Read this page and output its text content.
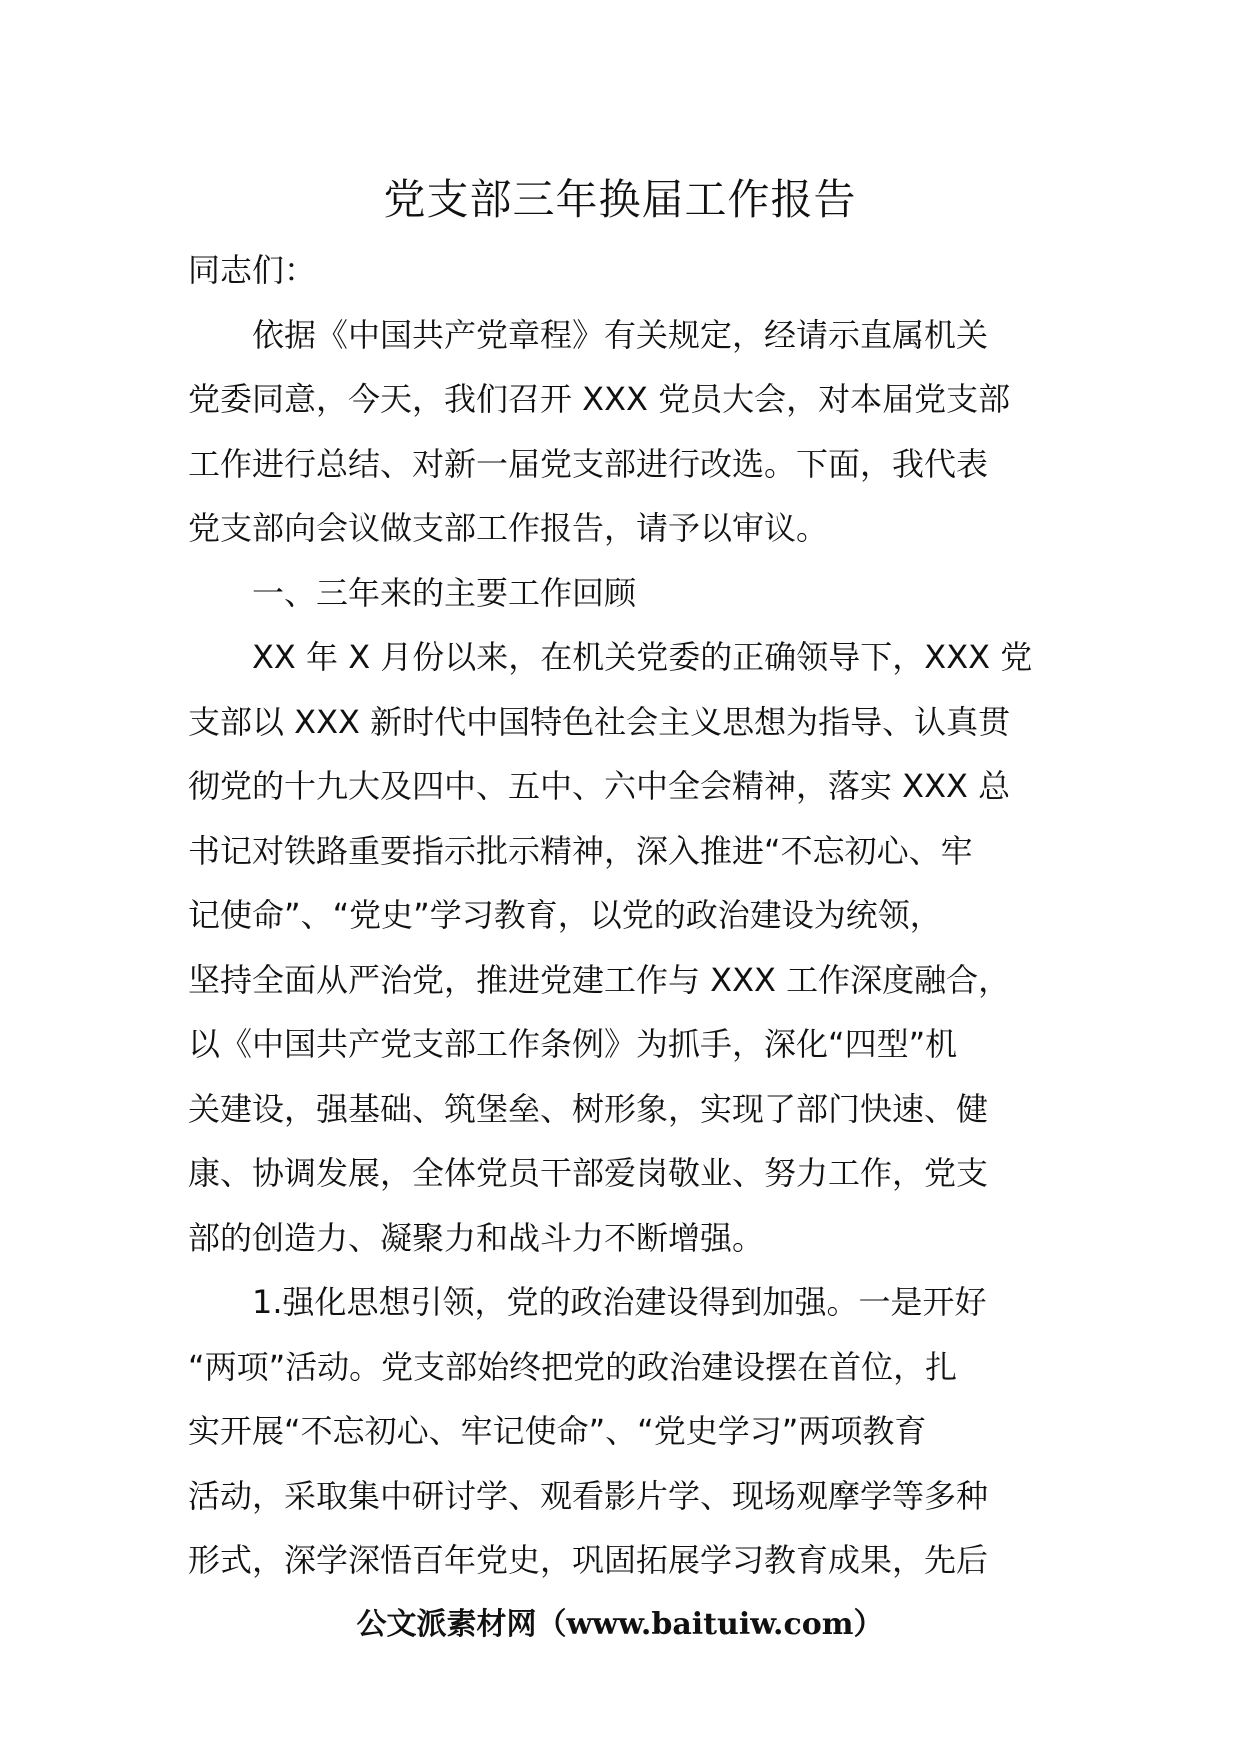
党支部三年换届工作报告
同志们：
依据《中国共产党章程》有关规定，经请示直属机关
党委同意，今天，我们召开 XXX 党员大会，对本届党支部
工作进行总结、对新一届党支部进行改选。下面，我代表
党支部向会议做支部工作报告，请予以审议。
一、三年来的主要工作回顾
XX 年 X 月份以来，在机关党委的正确领导下，XXX 党
支部以 XXX 新时代中国特色社会主义思想为指导、认真贯
彻党的十九大及四中、五中、六中全会精神，落实 XXX 总
书记对铁路重要指示批示精神，深入推进“不忘初心、牢
记使命”、“党史”学习教育，以党的政治建设为统领，
坚持全面从严治党，推进党建工作与 XXX 工作深度融合，
以《中国共产党支部工作条例》为抓手，深化“四型”机
关建设，强基础、筑堡垒、树形象，实现了部门快速、健
康、协调发展，全体党员干部爱岗敬业、努力工作，党支
部的创造力、凝聚力和战斗力不断增强。
1.强化思想引领，党的政治建设得到加强。一是开好
“两项”活动。党支部始终把党的政治建设摆在首位，扎
实开展“不忘初心、牢记使命”、“党史学习”两项教育
活动，采取集中研讨学、观看影片学、现场观摩学等多种
形式，深学深悟百年党史，巩固拓展学习教育成果，先后
公文派素材网（www.baituiw.com）
